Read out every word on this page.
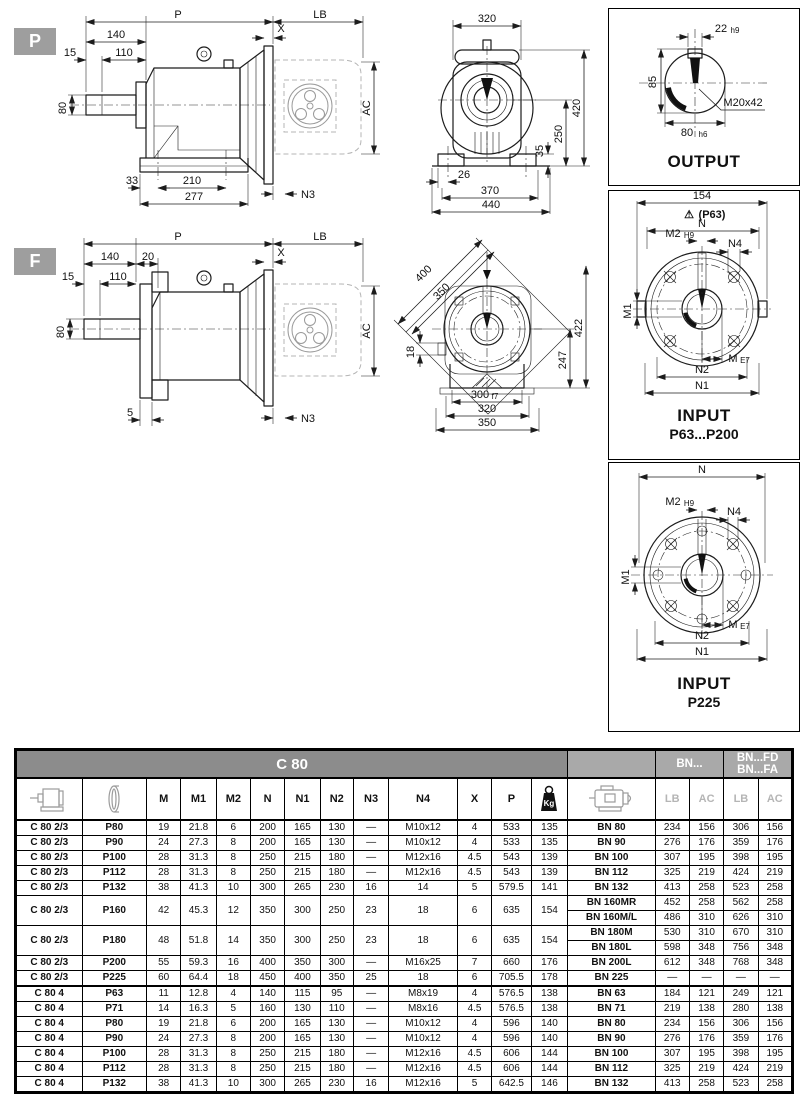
P
P	LB
X
140
15	110
80
33	210
277	N3
AC
F
P	LB
X
140 20
15	110
80
5	N3
AC
320
420
250
35
26
370
440
400
350
18
422
247
300 f7
320
350
22 h9
85
M20x42
80 h6
OUTPUT
154
⚠ (P63)
N
M2 H9
N4
M1
M E7
N2
N1
INPUT
P63...P200
N
M2 H9
N4
M1
M E7
N2
N1
INPUT
P225
C 80														BN...		BN...FD
BN...FA	

	M	M1	M2	N	N1	N2	N3	N4	X	P	Kg		LB	AC	LB	AC
C 80 2/3	P80	19	21.8	6	200	165	130	—	M10x12	4	533	135	BN 80	234	156	306	156
C 80 2/3	P90	24	27.3	8	200	165	130	—	M10x12	4	533	135	BN 90	276	176	359	176
C 80 2/3	P100	28	31.3	8	250	215	180	—	M12x16	4.5	543	139	BN 100	307	195	398	195
C 80 2/3	P112	28	31.3	8	250	215	180	—	M12x16	4.5	543	139	BN 112	325	219	424	219
C 80 2/3	P132	38	41.3	10	300	265	230	16	14	5	579.5	141	BN 132	413	258	523	258
C 80 2/3	P160	42	45.3	12	350	300	250	23	18	6	635	154	BN 160MR	452	258	562	258
													BN 160M/L	486	310	626	310
C 80 2/3	P180	48	51.8	14	350	300	250	23	18	6	635	154	BN 180M	530	310	670	310
													BN 180L	598	348	756	348
C 80 2/3	P200	55	59.3	16	400	350	300	—	M16x25	7	660	176	BN 200L	612	348	768	348
C 80 2/3	P225	60	64.4	18	450	400	350	25	18	6	705.5	178	BN 225	—	—	—	—
C 80 4	P63	11	12.8	4	140	115	95	—	M8x19	4	576.5	138	BN 63	184	121	249	121
C 80 4	P71	14	16.3	5	160	130	110	—	M8x16	4.5	576.5	138	BN 71	219	138	280	138
C 80 4	P80	19	21.8	6	200	165	130	—	M10x12	4	596	140	BN 80	234	156	306	156
C 80 4	P90	24	27.3	8	200	165	130	—	M10x12	4	596	140	BN 90	276	176	359	176
C 80 4	P100	28	31.3	8	250	215	180	—	M12x16	4.5	606	144	BN 100	307	195	398	195
C 80 4	P112	28	31.3	8	250	215	180	—	M12x16	4.5	606	144	BN 112	325	219	424	219
C 80 4	P132	38	41.3	10	300	265	230	16	M12x16	5	642.5	146	BN 132	413	258	523	258
